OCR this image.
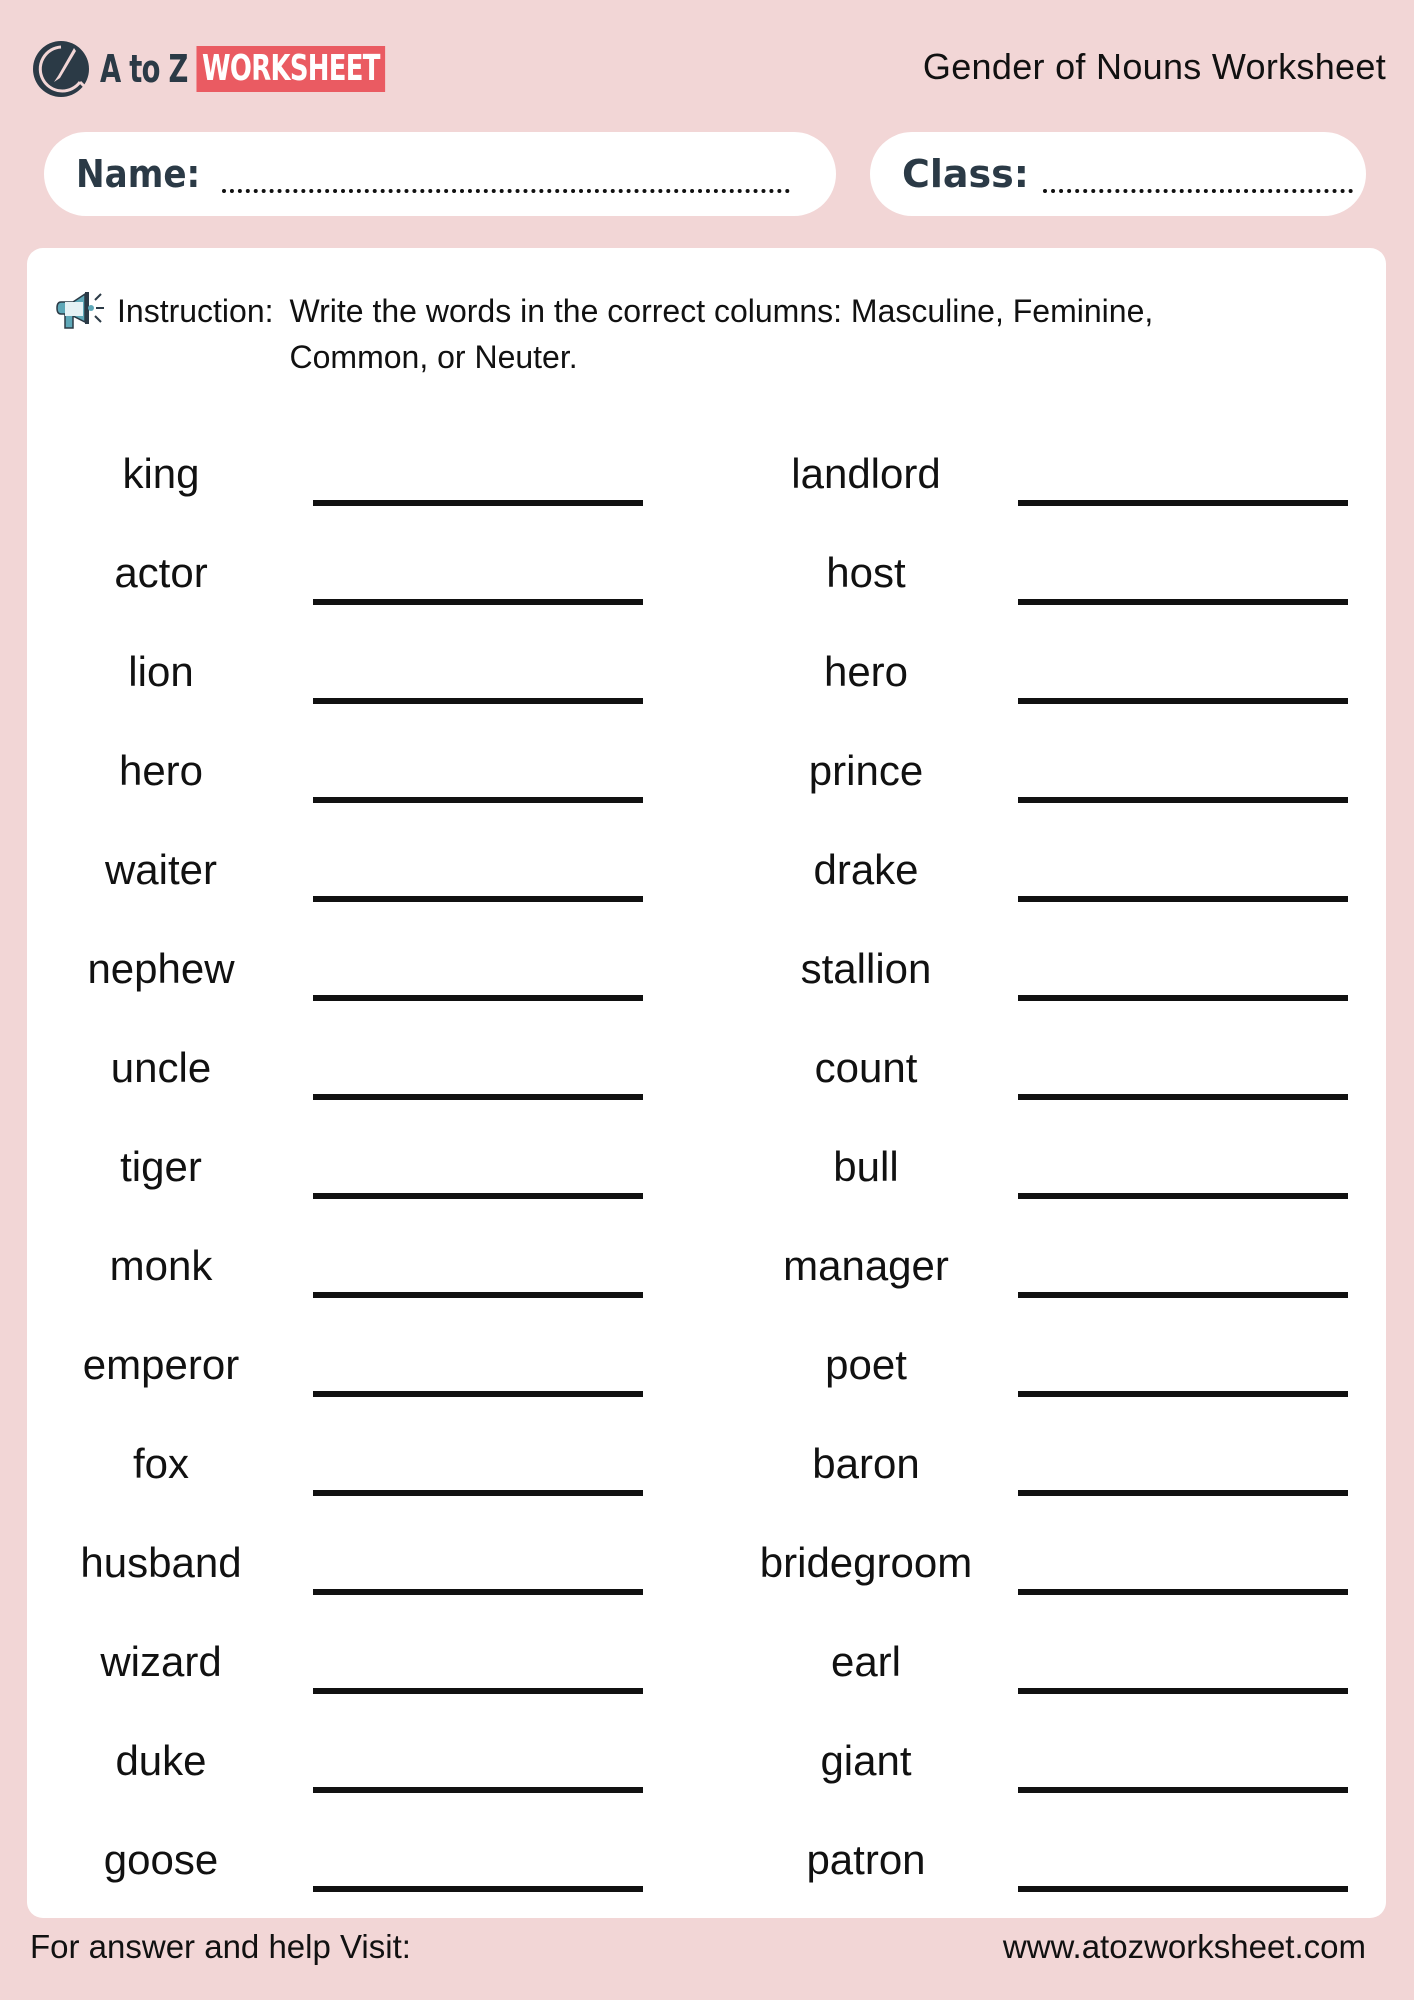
A to Z WORKSHEET	Gender of Nouns Worksheet
Name:	Class:
Instruction: Write the words in the correct columns: Masculine, Feminine, Common, or Neuter.
king
actor
lion
hero
waiter
nephew
uncle
tiger
monk
emperor
fox
husband
wizard
duke
goose
landlord
host
hero
prince
drake
stallion
count
bull
manager
poet
baron
bridegroom
earl
giant
patron
For answer and help Visit:	www.atozworksheet.com
